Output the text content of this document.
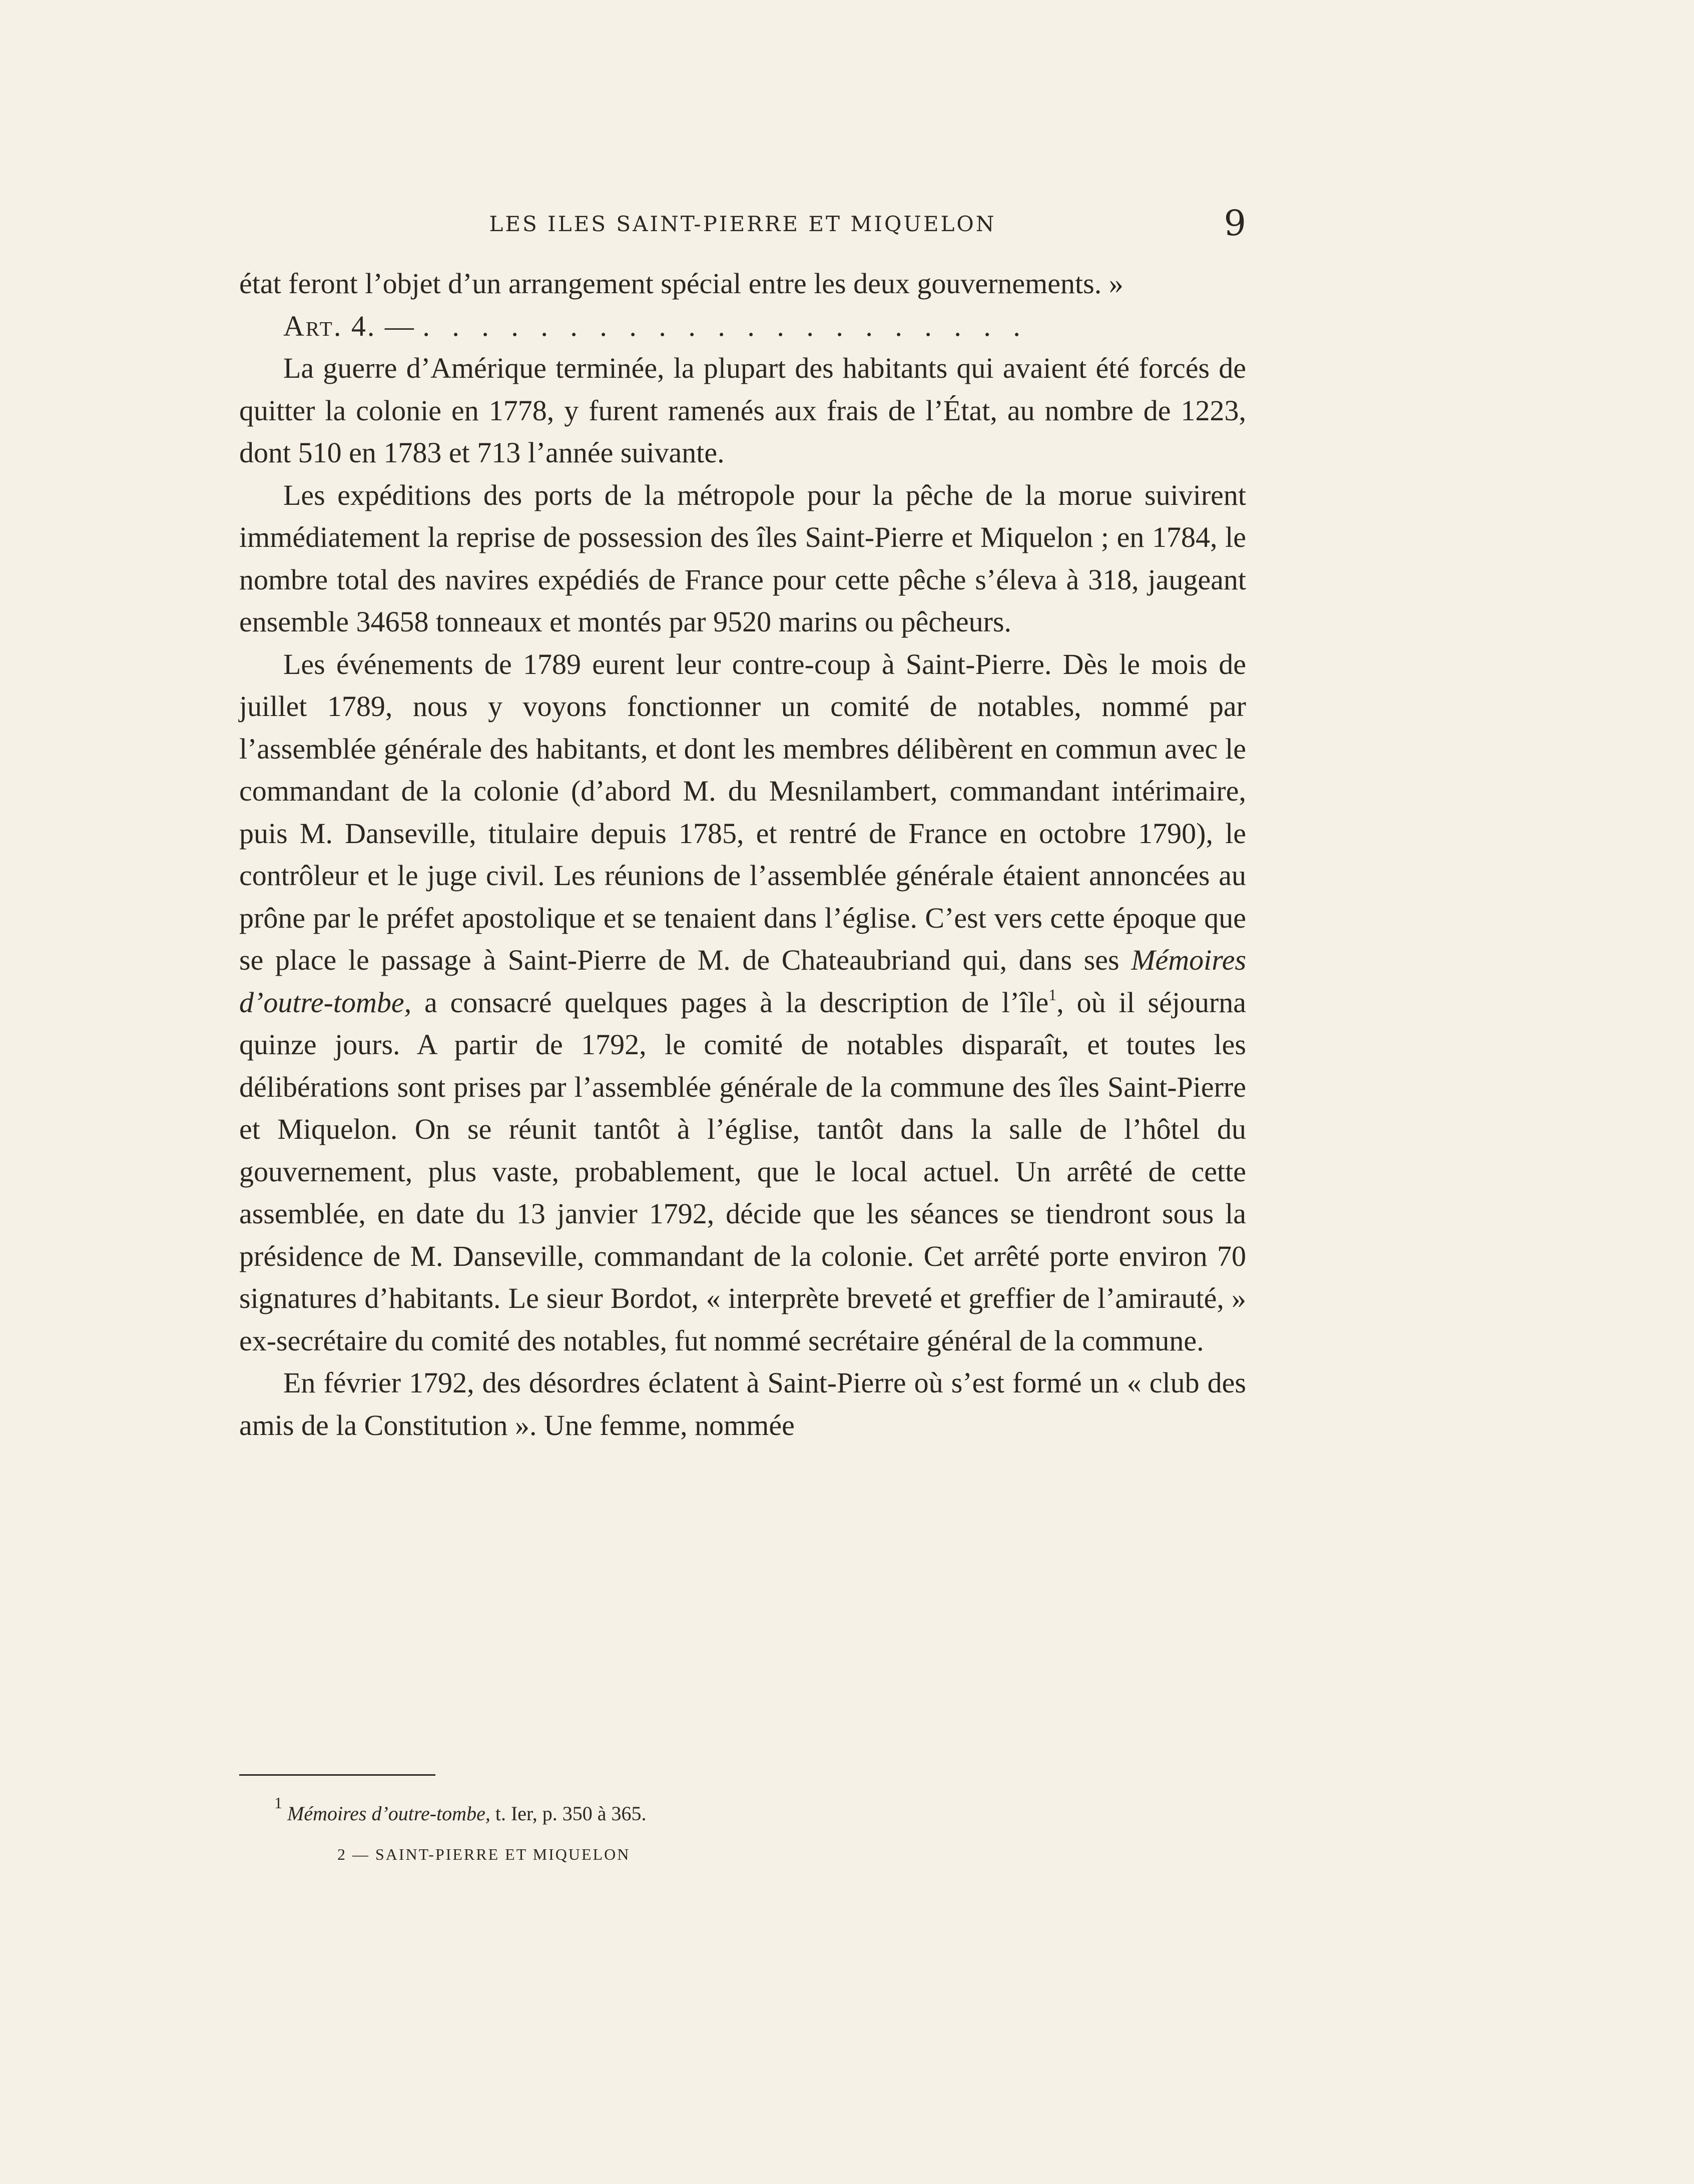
LES ILES SAINT-PIERRE ET MIQUELON	9

état feront l’objet d’un arrangement spécial entre les deux gouvernements. »

Art. 4. — . . . . . . . . . . . . . . . . . . . . .

La guerre d’Amérique terminée, la plupart des habitants qui avaient été forcés de quitter la colonie en 1778, y furent ramenés aux frais de l’État, au nombre de 1223, dont 510 en 1783 et 713 l’année suivante.

Les expéditions des ports de la métropole pour la pêche de la morue suivirent immédiatement la reprise de possession des îles Saint-Pierre et Miquelon ; en 1784, le nombre total des navires expédiés de France pour cette pêche s’éleva à 318, jaugeant ensemble 34658 tonneaux et montés par 9520 marins ou pêcheurs.

Les événements de 1789 eurent leur contre-coup à Saint-Pierre. Dès le mois de juillet 1789, nous y voyons fonctionner un comité de notables, nommé par l’assemblée générale des habitants, et dont les membres délibèrent en commun avec le commandant de la colonie (d’abord M. du Mesnilambert, commandant intérimaire, puis M. Danseville, titulaire depuis 1785, et rentré de France en octobre 1790), le contrôleur et le juge civil. Les réunions de l’assemblée générale étaient annoncées au prône par le préfet apostolique et se tenaient dans l’église. C’est vers cette époque que se place le passage à Saint-Pierre de M. de Chateaubriand qui, dans ses Mémoires d’outre-tombe, a consacré quelques pages à la description de l’île$^1$, où il séjourna quinze jours. A partir de 1792, le comité de notables disparaît, et toutes les délibérations sont prises par l’assemblée générale de la commune des îles Saint-Pierre et Miquelon. On se réunit tantôt à l’église, tantôt dans la salle de l’hôtel du gouvernement, plus vaste, probablement, que le local actuel. Un arrêté de cette assemblée, en date du 13 janvier 1792, décide que les séances se tiendront sous la présidence de M. Danseville, commandant de la colonie. Cet arrêté porte environ 70 signatures d’habitants. Le sieur Bordot, « interprète breveté et greffier de l’amirauté, » ex-secrétaire du comité des notables, fut nommé secrétaire général de la commune.

En février 1792, des désordres éclatent à Saint-Pierre où s’est formé un « club des amis de la Constitution ». Une femme, nommée

$^1$ Mémoires d’outre-tombe, t. Ier, p. 350 à 365.
2 — SAINT-PIERRE ET MIQUELON
